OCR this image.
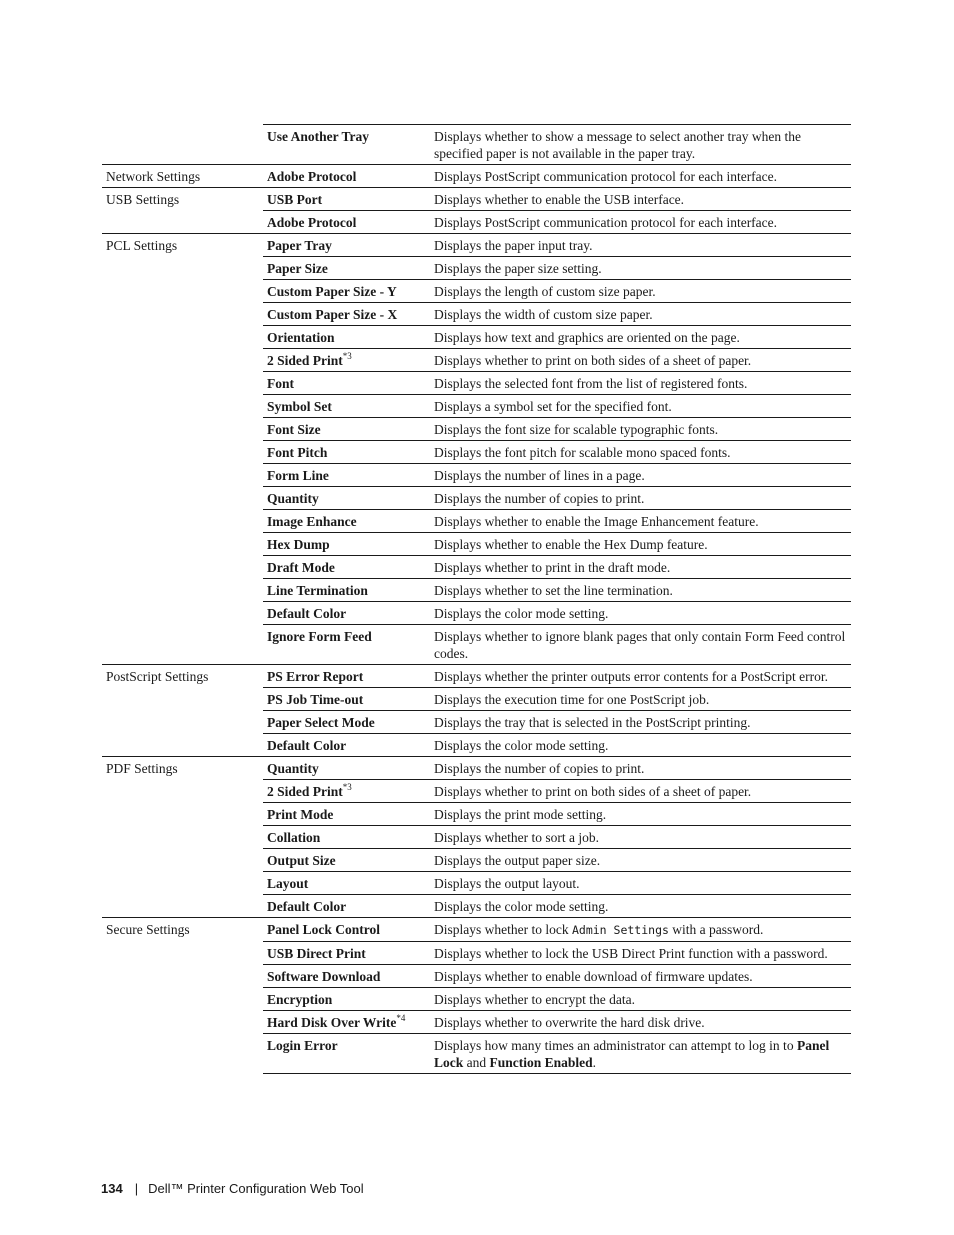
	Use Another Tray	Displays whether to show a message to select another tray when the specified paper is not available in the paper tray.
Network Settings	Adobe Protocol	Displays PostScript communication protocol for each interface.
USB Settings	USB Port	Displays whether to enable the USB interface.
	Adobe Protocol	Displays PostScript communication protocol for each interface.
PCL Settings	Paper Tray	Displays the paper input tray.
	Paper Size	Displays the paper size setting.
	Custom Paper Size - Y	Displays the length of custom size paper.
	Custom Paper Size - X	Displays the width of custom size paper.
	Orientation	Displays how text and graphics are oriented on the page.
	2 Sided Print$^{*3}$	Displays whether to print on both sides of a sheet of paper.
	Font	Displays the selected font from the list of registered fonts.
	Symbol Set	Displays a symbol set for the specified font.
	Font Size	Displays the font size for scalable typographic fonts.
	Font Pitch	Displays the font pitch for scalable mono spaced fonts.
	Form Line	Displays the number of lines in a page.
	Quantity	Displays the number of copies to print.
	Image Enhance	Displays whether to enable the Image Enhancement feature.
	Hex Dump	Displays whether to enable the Hex Dump feature.
	Draft Mode	Displays whether to print in the draft mode.
	Line Termination	Displays whether to set the line termination.
	Default Color	Displays the color mode setting.
	Ignore Form Feed	Displays whether to ignore blank pages that only contain Form Feed control codes.
PostScript Settings	PS Error Report	Displays whether the printer outputs error contents for a PostScript error.
	PS Job Time-out	Displays the execution time for one PostScript job.
	Paper Select Mode	Displays the tray that is selected in the PostScript printing.
	Default Color	Displays the color mode setting.
PDF Settings	Quantity	Displays the number of copies to print.
	2 Sided Print$^{*3}$	Displays whether to print on both sides of a sheet of paper.
	Print Mode	Displays the print mode setting.
	Collation	Displays whether to sort a job.
	Output Size	Displays the output paper size.
	Layout	Displays the output layout.
	Default Color	Displays the color mode setting.
Secure Settings	Panel Lock Control	Displays whether to lock Admin Settings with a password.
	USB Direct Print	Displays whether to lock the USB Direct Print function with a password.
	Software Download	Displays whether to enable download of firmware updates.
	Encryption	Displays whether to encrypt the data.
	Hard Disk Over Write$^{*4}$	Displays whether to overwrite the hard disk drive.
	Login Error	Displays how many times an administrator can attempt to log in to Panel Lock and Function Enabled.
134 | Dell™ Printer Configuration Web Tool
